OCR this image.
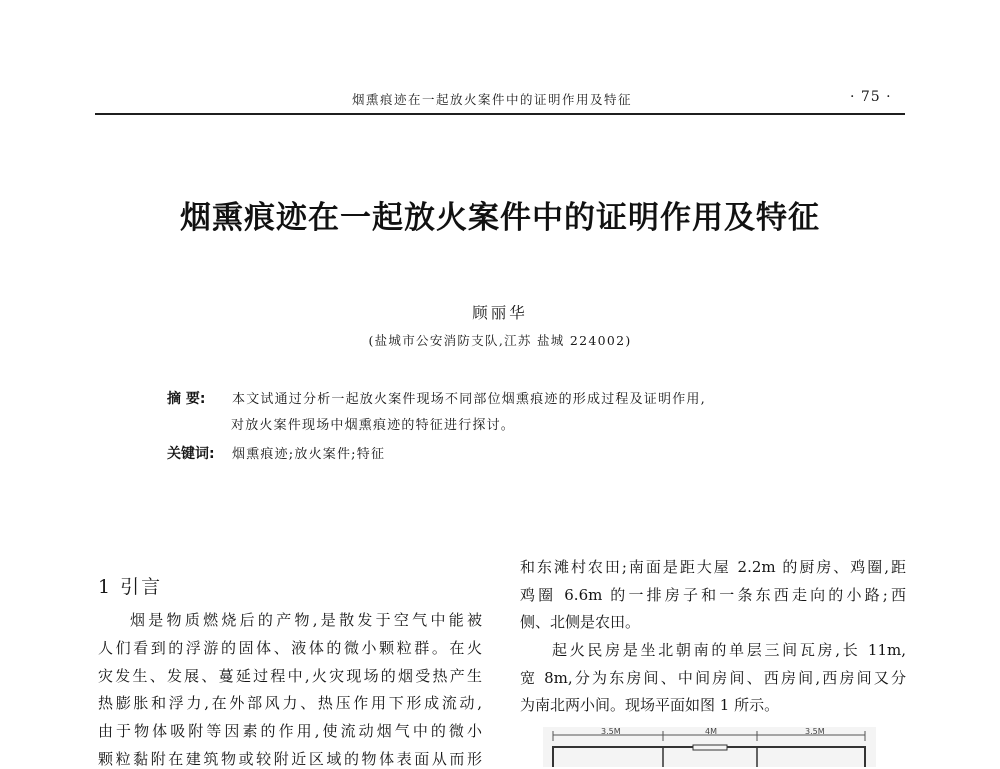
烟熏痕迹在一起放火案件中的证明作用及特征	· 75 ·
烟熏痕迹在一起放火案件中的证明作用及特征
顾丽华
(盐城市公安消防支队,江苏 盐城 224002)
摘 要: 本文试通过分析一起放火案件现场不同部位烟熏痕迹的形成过程及证明作用,
对放火案件现场中烟熏痕迹的特征进行探讨。
关键词: 烟熏痕迹;放火案件;特征
1 引言
烟是物质燃烧后的产物,是散发于空气中能被
人们看到的浮游的固体、液体的微小颗粒群。在火
灾发生、发展、蔓延过程中,火灾现场的烟受热产生
热膨胀和浮力,在外部风力、热压作用下形成流动,
由于物体吸附等因素的作用,使流动烟气中的微小
颗粒黏附在建筑物或较附近区域的物体表面从而形
和东滩村农田;南面是距大屋 2.2m 的厨房、鸡圈,距
鸡圈 6.6m 的一排房子和一条东西走向的小路;西
侧、北侧是农田。
起火民房是坐北朝南的单层三间瓦房,长 11m,
宽 8m,分为东房间、中间房间、西房间,西房间又分
为南北两小间。现场平面如图 1 所示。
3.5M	4M	3.5M
